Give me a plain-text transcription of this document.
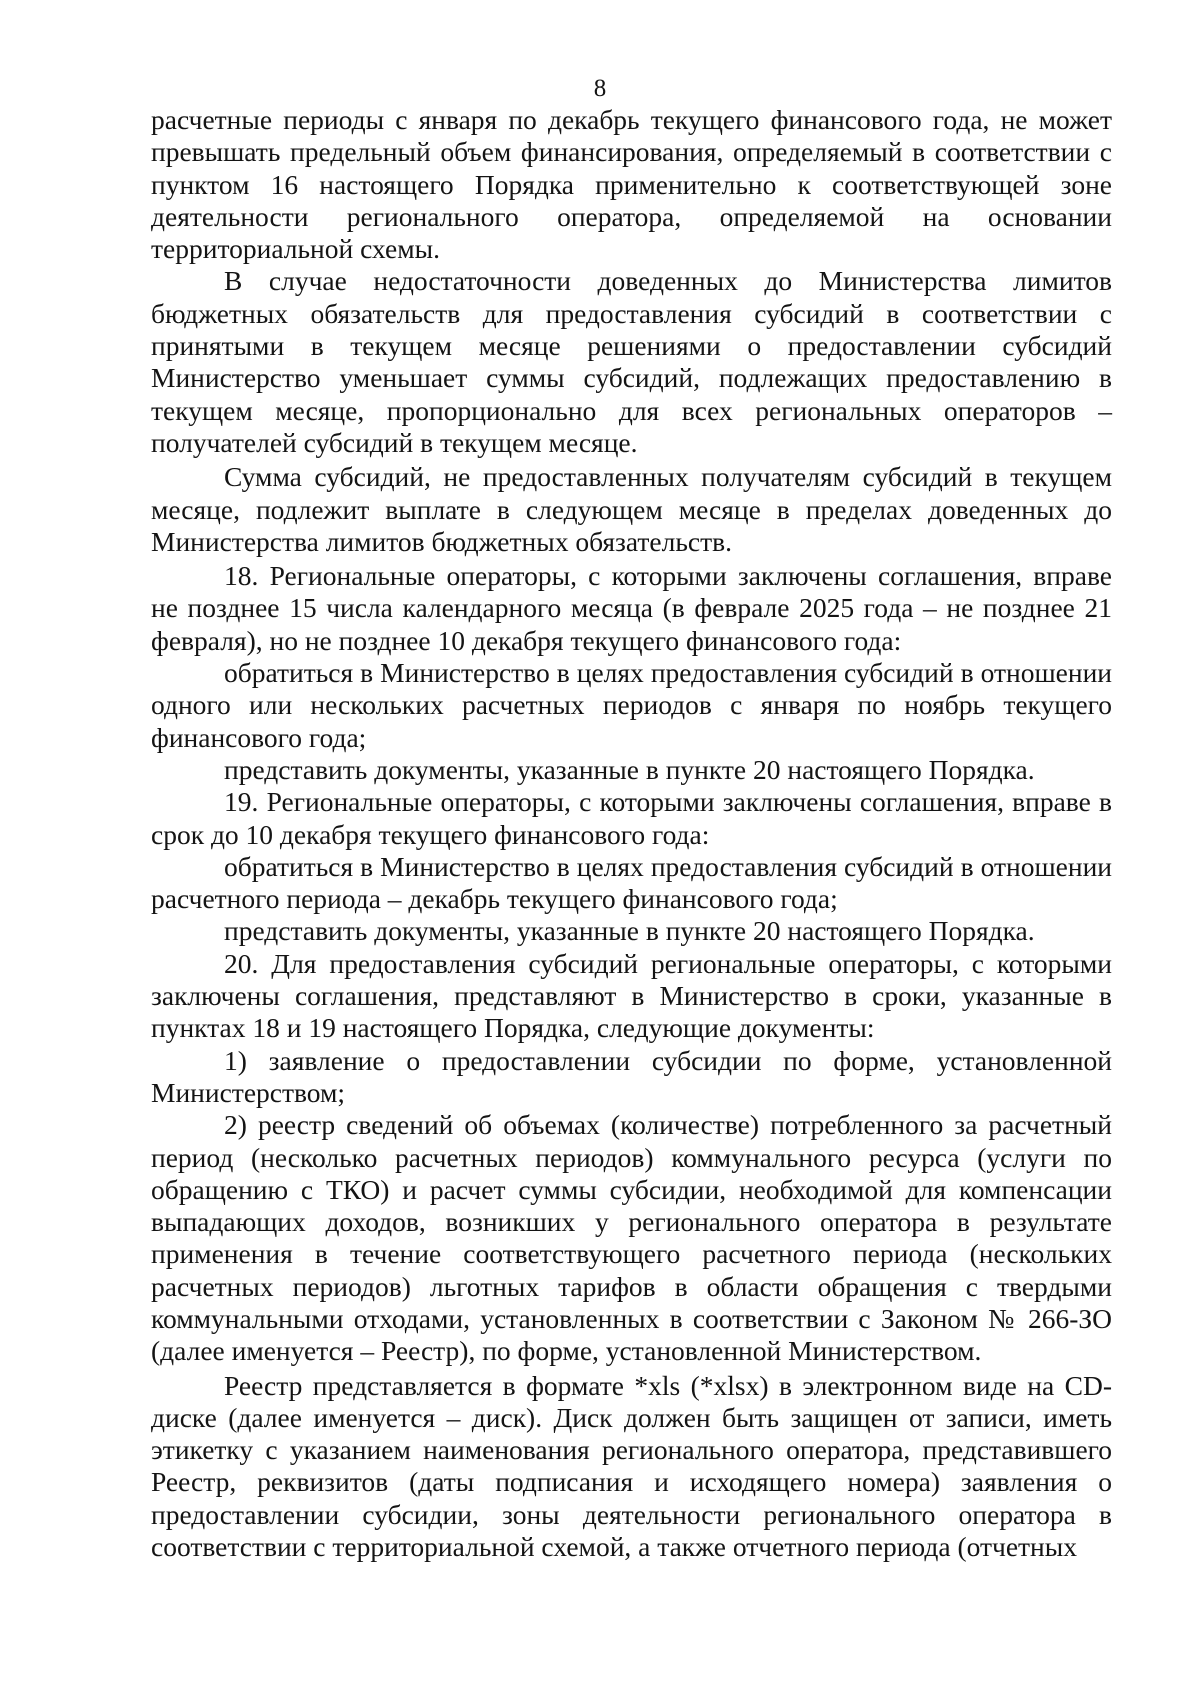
8

расчетные периоды с января по декабрь текущего финансового года, не может превышать предельный объем финансирования, определяемый в соответствии с пунктом 16 настоящего Порядка применительно к соответствующей зоне деятельности регионального оператора, определяемой на основании территориальной схемы.

В случае недостаточности доведенных до Министерства лимитов бюджетных обязательств для предоставления субсидий в соответствии с принятыми в текущем месяце решениями о предоставлении субсидий Министерство уменьшает суммы субсидий, подлежащих предоставлению в текущем месяце, пропорционально для всех региональных операторов – получателей субсидий в текущем месяце.

Сумма субсидий, не предоставленных получателям субсидий в текущем месяце, подлежит выплате в следующем месяце в пределах доведенных до Министерства лимитов бюджетных обязательств.

18. Региональные операторы, с которыми заключены соглашения, вправе не позднее 15 числа календарного месяца (в феврале 2025 года – не позднее 21 февраля), но не позднее 10 декабря текущего финансового года:

обратиться в Министерство в целях предоставления субсидий в отношении одного или нескольких расчетных периодов с января по ноябрь текущего финансового года;

представить документы, указанные в пункте 20 настоящего Порядка.

19. Региональные операторы, с которыми заключены соглашения, вправе в срок до 10 декабря текущего финансового года:

обратиться в Министерство в целях предоставления субсидий в отношении расчетного периода – декабрь текущего финансового года;

представить документы, указанные в пункте 20 настоящего Порядка.

20. Для предоставления субсидий региональные операторы, с которыми заключены соглашения, представляют в Министерство в сроки, указанные в пунктах 18 и 19 настоящего Порядка, следующие документы:

1) заявление о предоставлении субсидии по форме, установленной Министерством;

2) реестр сведений об объемах (количестве) потребленного за расчетный период (несколько расчетных периодов) коммунального ресурса (услуги по обращению с ТКО) и расчет суммы субсидии, необходимой для компенсации выпадающих доходов, возникших у регионального оператора в результате применения в течение соответствующего расчетного периода (нескольких расчетных периодов) льготных тарифов в области обращения с твердыми коммунальными отходами, установленных в соответствии с Законом № 266-ЗО (далее именуется – Реестр), по форме, установленной Министерством.

Реестр представляется в формате *xls (*xlsx) в электронном виде на CD-диске (далее именуется – диск). Диск должен быть защищен от записи, иметь этикетку с указанием наименования регионального оператора, представившего Реестр, реквизитов (даты подписания и исходящего номера) заявления о предоставлении субсидии, зоны деятельности регионального оператора в соответствии с территориальной схемой, а также отчетного периода (отчетных
